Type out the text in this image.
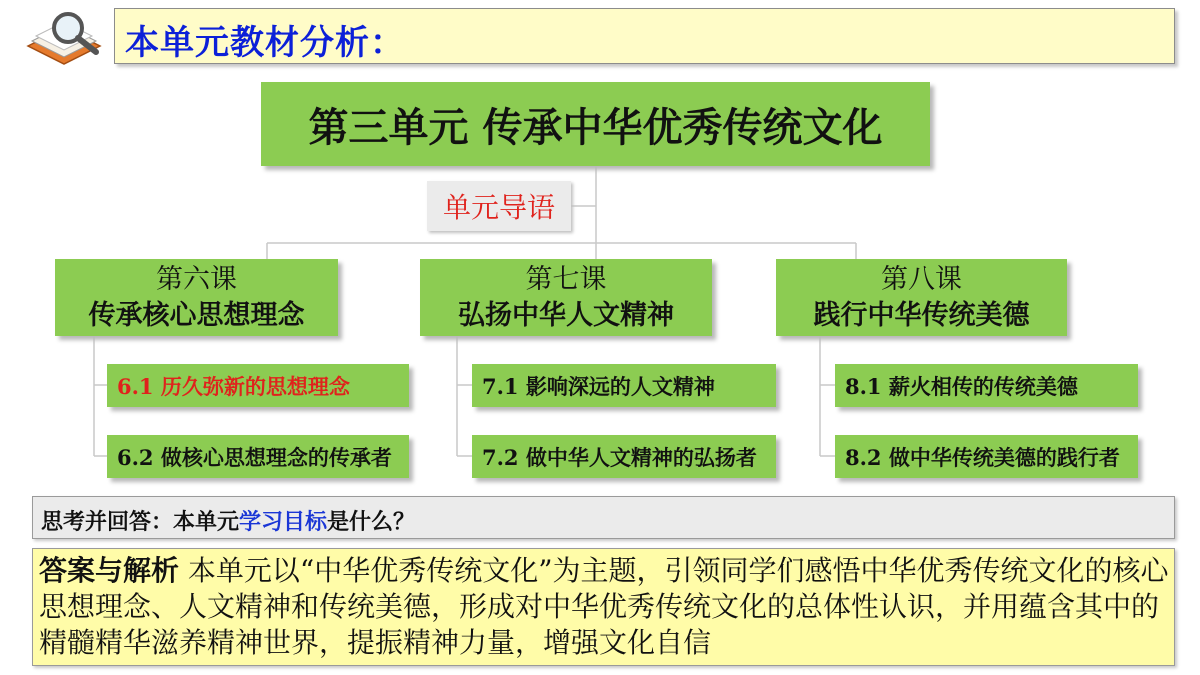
本单元教材分析：
第三单元 传承中华优秀传统文化
单元导语
第六课
传承核心思想理念
6.1 历久弥新的思想理念
6.2 做核心思想理念的传承者
第七课
弘扬中华人文精神
7.1 影响深远的人文精神
7.2 做中华人文精神的弘扬者
第八课
践行中华传统美德
8.1 薪火相传的传统美德
8.2 做中华传统美德的践行者
思考并回答：本单元学习目标是什么？
答案与解析 本单元以“中华优秀传统文化”为主题，引领同学们感悟中华优秀传统文化的核心思想理念、人文精神和传统美德，形成对中华优秀传统文化的总体性认识，并用蕴含其中的精髓精华滋养精神世界，提振精神力量，增强文化自信
